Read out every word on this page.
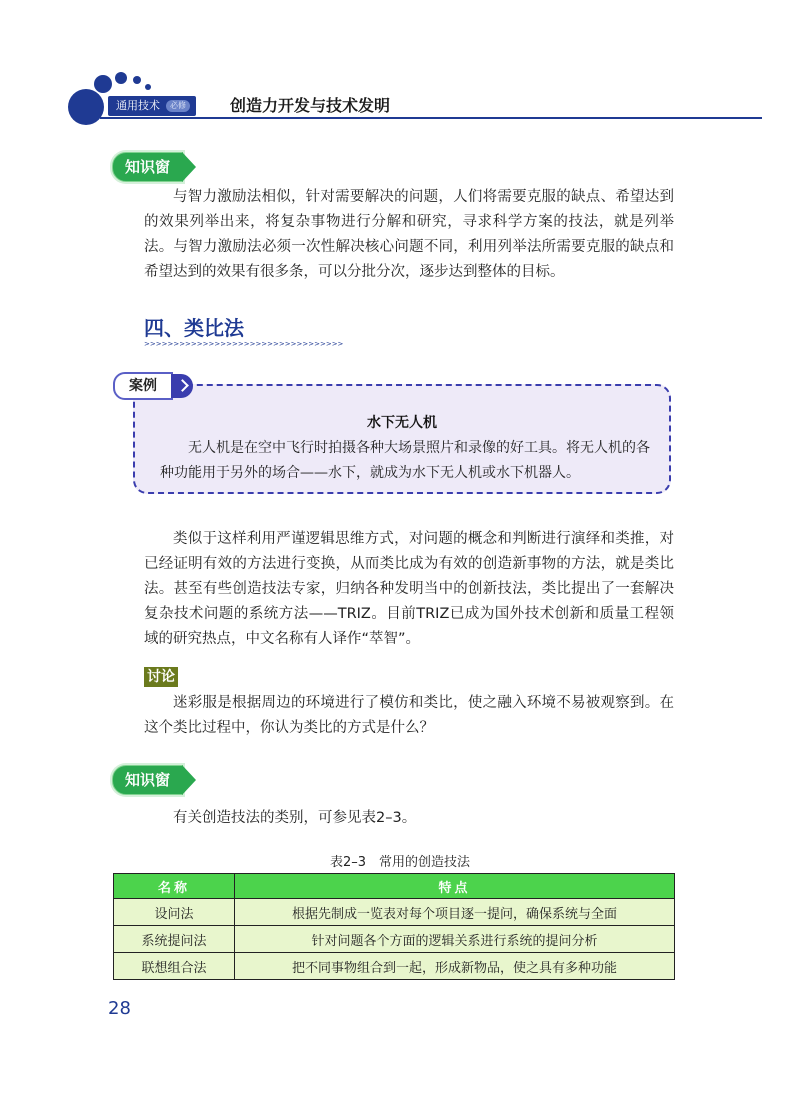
通用技术	必修	创造力开发与技术发明
知识窗
与智力激励法相似，针对需要解决的问题，人们将需要克服的缺点、希望达到的效果列举出来，将复杂事物进行分解和研究，寻求科学方案的技法，就是列举法。与智力激励法必须一次性解决核心问题不同，利用列举法所需要克服的缺点和希望达到的效果有很多条，可以分批分次，逐步达到整体的目标。
四、类比法
>>>>>>>>>>>>>>>>>>>>>>>>>>>>>>>>>>
案例
水下无人机
无人机是在空中飞行时拍摄各种大场景照片和录像的好工具。将无人机的各种功能用于另外的场合——水下，就成为水下无人机或水下机器人。
类似于这样利用严谨逻辑思维方式，对问题的概念和判断进行演绎和类推，对已经证明有效的方法进行变换，从而类比成为有效的创造新事物的方法，就是类比法。甚至有些创造技法专家，归纳各种发明当中的创新技法，类比提出了一套解决复杂技术问题的系统方法——TRIZ。目前TRIZ已成为国外技术创新和质量工程领域的研究热点，中文名称有人译作“萃智”。
讨论
迷彩服是根据周边的环境进行了模仿和类比，使之融入环境不易被观察到。在这个类比过程中，你认为类比的方式是什么？
知识窗
有关创造技法的类别，可参见表2–3。
表2–3　常用的创造技法
名称	特点
设问法	根据先制成一览表对每个项目逐一提问，确保系统与全面
系统提问法	针对问题各个方面的逻辑关系进行系统的提问分析
联想组合法	把不同事物组合到一起，形成新物品，使之具有多种功能
28
